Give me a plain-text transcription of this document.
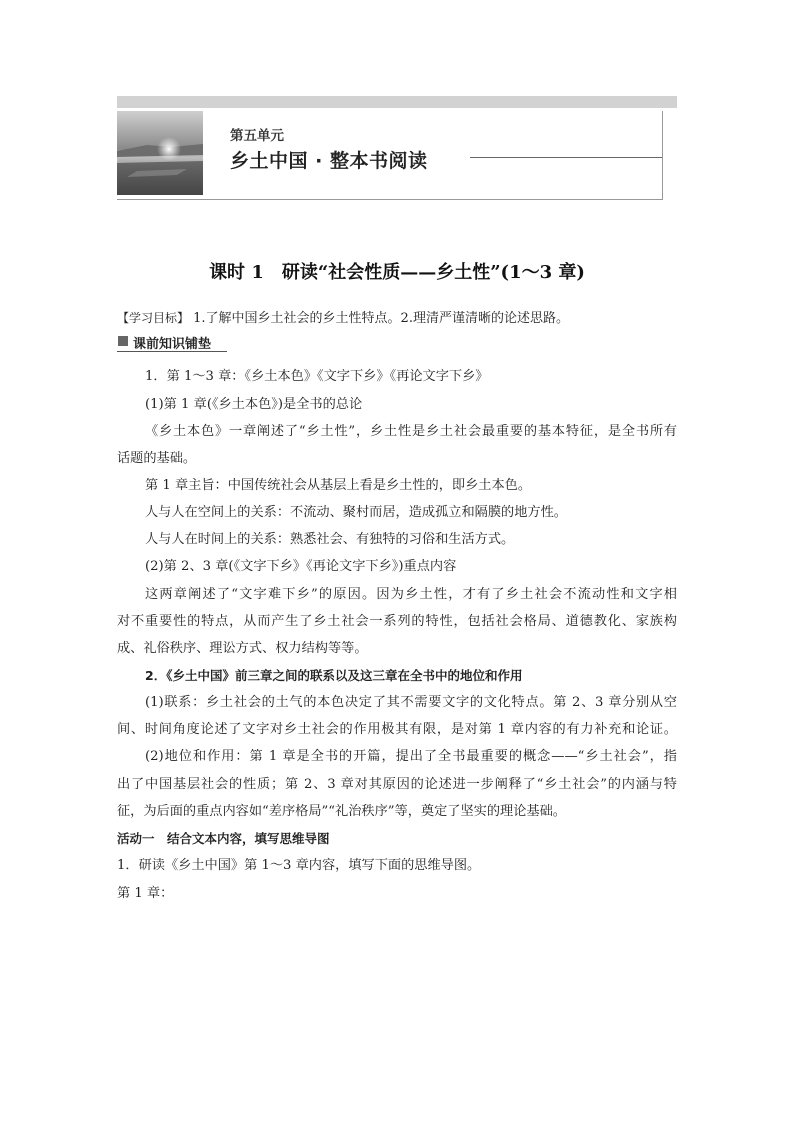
第五单元
乡土中国 · 整本书阅读
课时 1　研读“社会性质——乡土性”(1～3 章)
【学习目标】 1.了解中国乡土社会的乡土性特点。2.理清严谨清晰的论述思路。
课前知识铺垫
1．第 1～3 章：《乡土本色》《文字下乡》《再论文字下乡》
(1)第 1 章(《乡土本色》)是全书的总论
《乡土本色》一章阐述了“乡土性”，乡土性是乡土社会最重要的基本特征，是全书所有
话题的基础。
第 1 章主旨：中国传统社会从基层上看是乡土性的，即乡土本色。
人与人在空间上的关系：不流动、聚村而居，造成孤立和隔膜的地方性。
人与人在时间上的关系：熟悉社会、有独特的习俗和生活方式。
(2)第 2、3 章(《文字下乡》《再论文字下乡》)重点内容
这两章阐述了“文字难下乡”的原因。因为乡土性，才有了乡土社会不流动性和文字相
对不重要性的特点，从而产生了乡土社会一系列的特性，包括社会格局、道德教化、家族构
成、礼俗秩序、理讼方式、权力结构等等。
2．《乡土中国》前三章之间的联系以及这三章在全书中的地位和作用
(1)联系：乡土社会的土气的本色决定了其不需要文字的文化特点。第 2、3 章分别从空
间、时间角度论述了文字对乡土社会的作用极其有限，是对第 1 章内容的有力补充和论证。
(2)地位和作用：第 1 章是全书的开篇，提出了全书最重要的概念——“乡土社会”，指
出了中国基层社会的性质；第 2、3 章对其原因的论述进一步阐释了“乡土社会”的内涵与特
征，为后面的重点内容如“差序格局”“礼治秩序”等，奠定了坚实的理论基础。
活动一　结合文本内容，填写思维导图
1．研读《乡土中国》第 1～3 章内容，填写下面的思维导图。
第 1 章：
